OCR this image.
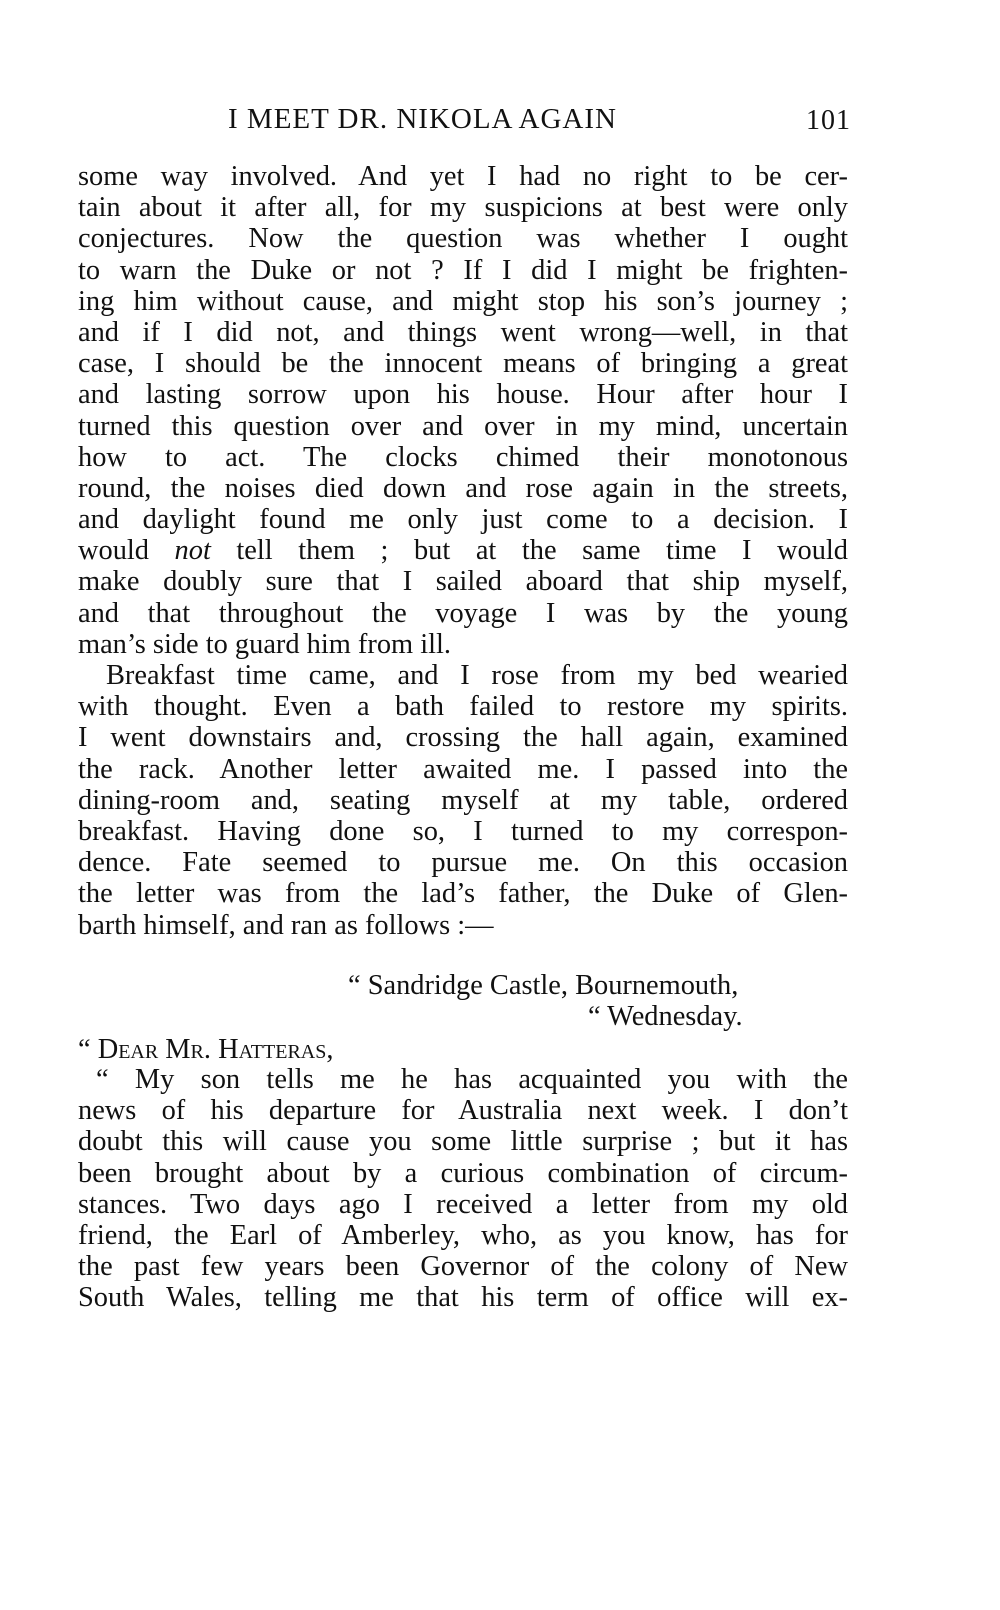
I MEET DR. NIKOLA AGAIN	101
some way involved. And yet I had no right to be cer-
tain about it after all, for my suspicions at best were only
conjectures. Now the question was whether I ought
to warn the Duke or not ? If I did I might be frighten-
ing him without cause, and might stop his son’s journey ;
and if I did not, and things went wrong—well, in that
case, I should be the innocent means of bringing a great
and lasting sorrow upon his house. Hour after hour I
turned this question over and over in my mind, uncertain
how to act. The clocks chimed their monotonous
round, the noises died down and rose again in the streets,
and daylight found me only just come to a decision. I
would not tell them ; but at the same time I would
make doubly sure that I sailed aboard that ship myself,
and that throughout the voyage I was by the young
man’s side to guard him from ill.
Breakfast time came, and I rose from my bed wearied
with thought. Even a bath failed to restore my spirits.
I went downstairs and, crossing the hall again, examined
the rack. Another letter awaited me. I passed into the
dining-room and, seating myself at my table, ordered
breakfast. Having done so, I turned to my correspon-
dence. Fate seemed to pursue me. On this occasion
the letter was from the lad’s father, the Duke of Glen-
barth himself, and ran as follows :—
“ Sandridge Castle, Bournemouth,
“ Wednesday.
“ Dear Mr. Hatteras,
“ My son tells me he has acquainted you with the
news of his departure for Australia next week. I don’t
doubt this will cause you some little surprise ; but it has
been brought about by a curious combination of circum-
stances. Two days ago I received a letter from my old
friend, the Earl of Amberley, who, as you know, has for
the past few years been Governor of the colony of New
South Wales, telling me that his term of office will ex-
